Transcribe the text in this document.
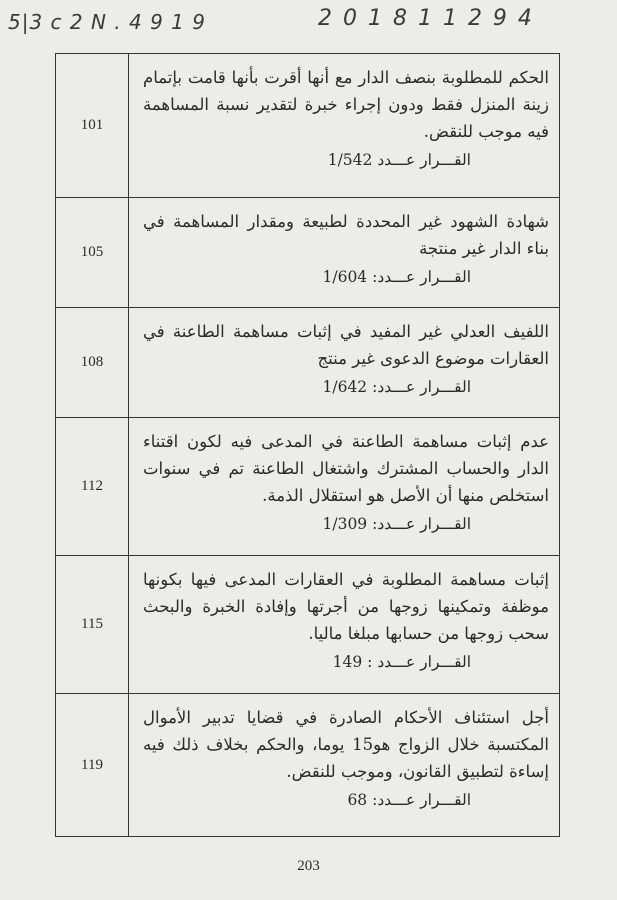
5|3 c 2 N . 4 9 1 9	2 0 1 8 1 1 2 9 4
101
الحكم للمطلوبة بنصف الدار مع أنها أقرت بأنها قامت بإتمام زينة المنزل فقط ودون إجراء خبرة لتقدير نسبة المساهمة فيه موجب للنقض.
القـــرار عـــدد 1/542
105
شهادة الشهود غير المحددة لطبيعة ومقدار المساهمة في بناء الدار غير منتجة
القـــرار عـــدد: 1/604
108
اللفيف العدلي غير المفيد في إثبات مساهمة الطاعنة في العقارات موضوع الدعوى غير منتج
القـــرار عـــدد: 1/642
112
عدم إثبات مساهمة الطاعنة في المدعى فيه لكون اقتناء الدار والحساب المشترك واشتغال الطاعنة تم في سنوات استخلص منها أن الأصل هو استقلال الذمة.
القـــرار عـــدد: 1/309
115
إثبات مساهمة المطلوبة في العقارات المدعى فيها بكونها موظفة وتمكينها زوجها من أجرتها وإفادة الخبرة والبحث سحب زوجها من حسابها مبلغا ماليا.
القـــرار عـــدد : 149
119
أجل استئناف الأحكام الصادرة في قضايا تدبير الأموال المكتسبة خلال الزواج هو15 يوما، والحكم بخلاف ذلك فيه إساءة لتطبيق القانون، وموجب للنقض.
القـــرار عـــدد: 68
203
